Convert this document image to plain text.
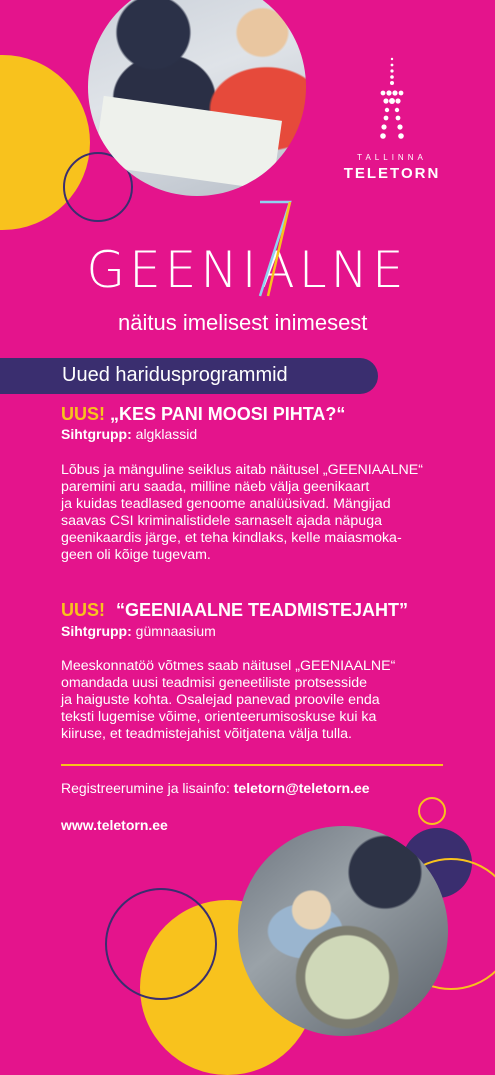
TALLINNA
TELETORN
GEENIALNE
näitus imelisest inimesest
Uued haridusprogrammid
UUS! „KES PANI MOOSI PIHTA?“
Sihtgrupp: algklassid
Lõbus ja mänguline seiklus aitab näitusel „GEENIAALNE“
paremini aru saada, milline näeb välja geenikaart
ja kuidas teadlased genoome analüüsivad. Mängijad
saavas CSI kriminalistidele sarnaselt ajada näpuga
geenikaardis järge, et teha kindlaks, kelle maiasmoka-
geen oli kõige tugevam.
UUS! “GEENIAALNE TEADMISTEJAHT”
Sihtgrupp: gümnaasium
Meeskonnatöö võtmes saab näitusel „GEENIAALNE“
omandada uusi teadmisi geneetiliste protsesside
ja haiguste kohta. Osalejad panevad proovile enda
teksti lugemise võime, orienteerumisoskuse kui ka
kiiruse, et teadmistejahist võitjatena välja tulla.
Registreerumine ja lisainfo: teletorn@teletorn.ee
www.teletorn.ee
